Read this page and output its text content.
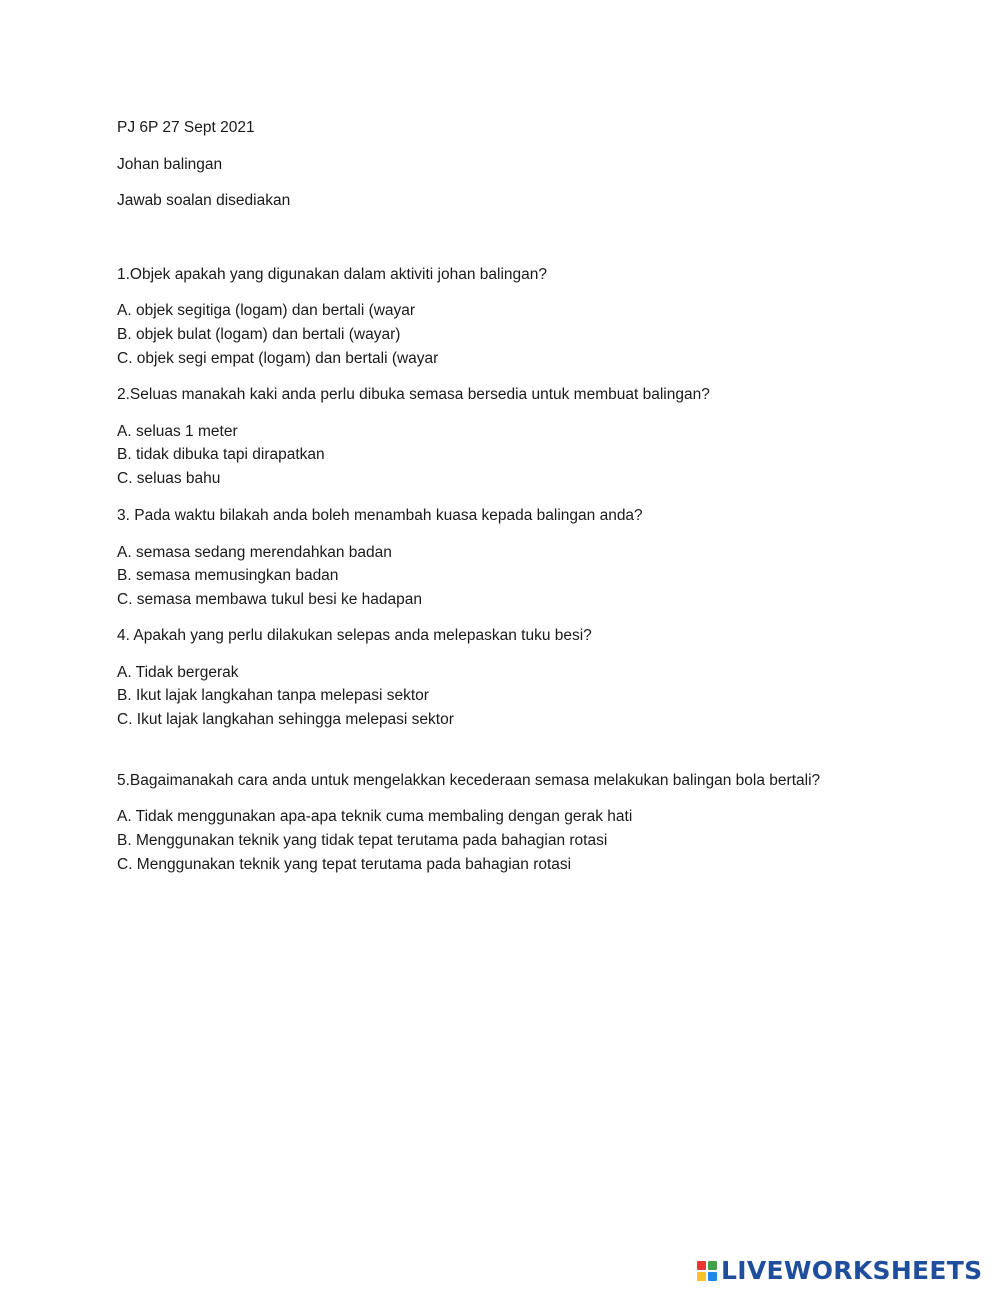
PJ 6P 27 Sept 2021
Johan balingan
Jawab soalan disediakan
1.Objek apakah yang digunakan dalam aktiviti johan balingan?
A. objek segitiga (logam) dan bertali (wayar
B. objek bulat (logam) dan bertali (wayar)
C. objek segi empat (logam) dan bertali (wayar
2.Seluas manakah kaki anda perlu dibuka semasa bersedia untuk membuat balingan?
A. seluas 1 meter
B. tidak dibuka tapi dirapatkan
C. seluas bahu
3. Pada waktu bilakah anda boleh menambah kuasa kepada balingan anda?
A. semasa sedang merendahkan badan
B. semasa memusingkan badan
C. semasa membawa tukul besi ke hadapan
4. Apakah yang perlu dilakukan selepas anda melepaskan tuku besi?
A. Tidak bergerak
B. Ikut lajak langkahan tanpa melepasi sektor
C. Ikut lajak langkahan sehingga melepasi sektor
5.Bagaimanakah cara anda untuk mengelakkan kecederaan semasa melakukan balingan bola bertali?
A. Tidak menggunakan apa-apa teknik cuma membaling dengan gerak hati
B. Menggunakan teknik yang tidak tepat terutama pada bahagian rotasi
C. Menggunakan teknik yang tepat terutama pada bahagian rotasi
LIVEWORKSHEETS
